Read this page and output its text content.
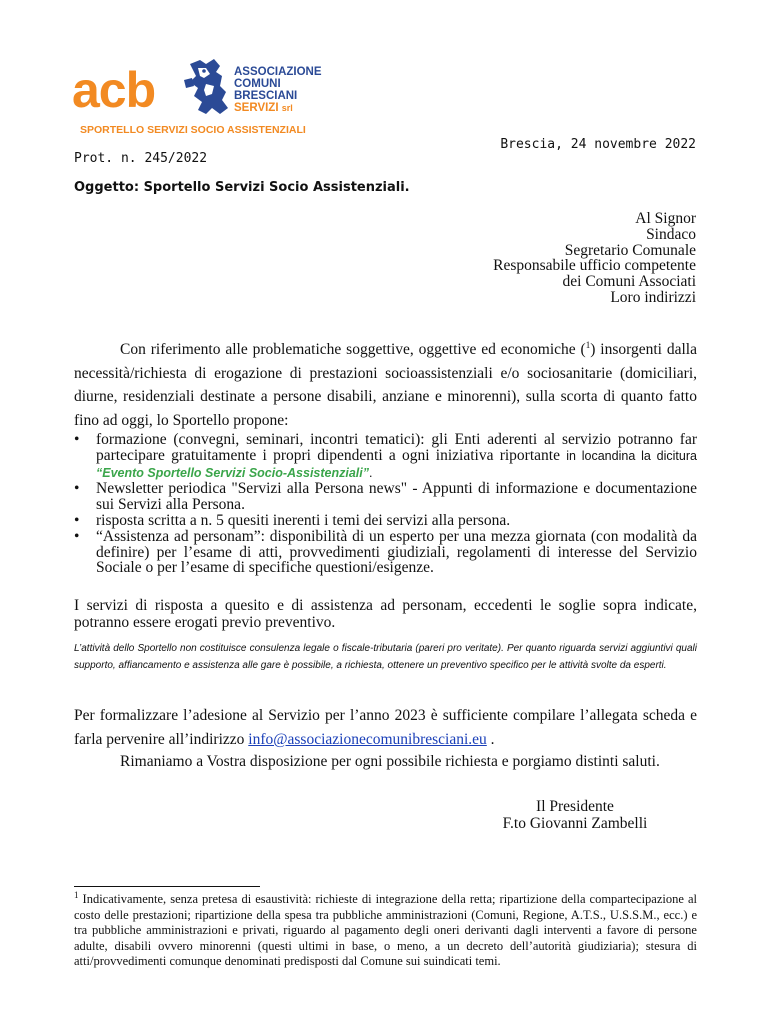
acb	ASSOCIAZIONE
COMUNI
BRESCIANI
SERVIZI srl
SPORTELLO SERVIZI SOCIO ASSISTENZIALI

Brescia, 24 novembre 2022

Prot. n. 245/2022

Oggetto: Sportello Servizi Socio Assistenziali.

Al Signor
Sindaco
Segretario Comunale
Responsabile ufficio competente
dei Comuni Associati
Loro indirizzi
Con riferimento alle problematiche soggettive, oggettive ed economiche ($^1$) insorgenti dalla necessità/richiesta di erogazione di prestazioni socioassistenziali e/o sociosanitarie (domiciliari, diurne, residenziali destinate a persone disabili, anziane e minorenni), sulla scorta di quanto fatto fino ad oggi, lo Sportello propone:
• formazione (convegni, seminari, incontri tematici): gli Enti aderenti al servizio potranno far partecipare gratuitamente i propri dipendenti a ogni iniziativa riportante in locandina la dicitura “Evento Sportello Servizi Socio-Assistenziali”.
• Newsletter periodica "Servizi alla Persona news" - Appunti di informazione e documentazione sui Servizi alla Persona.
• risposta scritta a n. 5 quesiti inerenti i temi dei servizi alla persona.
• “Assistenza ad personam”: disponibilità di un esperto per una mezza giornata (con modalità da definire) per l’esame di atti, provvedimenti giudiziali, regolamenti di interesse del Servizio Sociale o per l’esame di specifiche questioni/esigenze.
I servizi di risposta a quesito e di assistenza ad personam, eccedenti le soglie sopra indicate, potranno essere erogati previo preventivo.
L’attività dello Sportello non costituisce consulenza legale o fiscale-tributaria (pareri pro veritate). Per quanto riguarda servizi aggiuntivi quali supporto, affiancamento e assistenza alle gare è possibile, a richiesta, ottenere un preventivo specifico per le attività svolte da esperti.
Per formalizzare l’adesione al Servizio per l’anno 2023 è sufficiente compilare l’allegata scheda e farla pervenire all’indirizzo info@associazionecomunibresciani.eu .
Rimaniamo a Vostra disposizione per ogni possibile richiesta e porgiamo distinti saluti.
Il Presidente
F.to Giovanni Zambelli
$^1$ Indicativamente, senza pretesa di esaustività: richieste di integrazione della retta; ripartizione della compartecipazione al costo delle prestazioni; ripartizione della spesa tra pubbliche amministrazioni (Comuni, Regione, A.T.S., U.S.S.M., ecc.) e tra pubbliche amministrazioni e privati, riguardo al pagamento degli oneri derivanti dagli interventi a favore di persone adulte, disabili ovvero minorenni (questi ultimi in base, o meno, a un decreto dell’autorità giudiziaria); stesura di atti/provvedimenti comunque denominati predisposti dal Comune sui suindicati temi.
